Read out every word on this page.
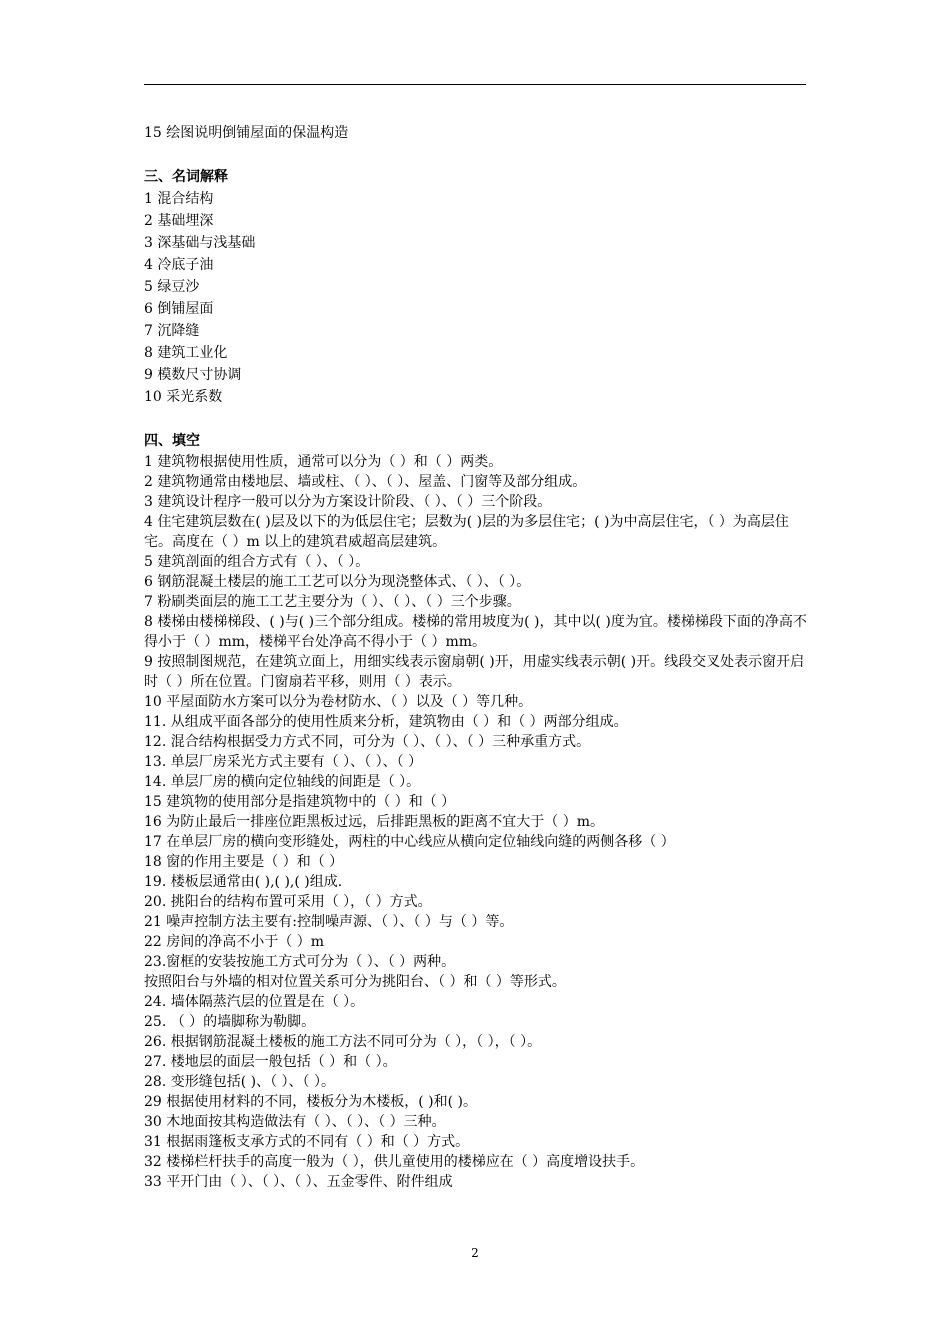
15 绘图说明倒铺屋面的保温构造
三、名词解释
1 混合结构
2 基础埋深
3 深基础与浅基础
4 冷底子油
5 绿豆沙
6 倒铺屋面
7 沉降缝
8 建筑工业化
9 模数尺寸协调
10 采光系数
四、填空
1 建筑物根据使用性质，通常可以分为（ ）和（ ）两类。
2 建筑物通常由楼地层、墙或柱、（ ）、（ ）、屋盖、门窗等及部分组成。
3 建筑设计程序一般可以分为方案设计阶段、（ ）、（ ）三个阶段。
4 住宅建筑层数在( )层及以下的为低层住宅；层数为( )层的为多层住宅；( )为中高层住宅，（ ）为高层住宅。高度在（ ）m 以上的建筑君威超高层建筑。
5 建筑剖面的组合方式有（ ）、（ ）。
6 钢筋混凝土楼层的施工工艺可以分为现浇整体式、（ ）、（ ）。
7 粉刷类面层的施工工艺主要分为（ ）、（ ）、（ ）三个步骤。
8 楼梯由楼梯梯段、( )与( )三个部分组成。楼梯的常用坡度为( )，其中以( )度为宜。楼梯梯段下面的净高不得小于（ ）mm，楼梯平台处净高不得小于（ ）mm。
9 按照制图规范，在建筑立面上，用细实线表示窗扇朝( )开，用虚实线表示朝( )开。线段交叉处表示窗开启时（ ）所在位置。门窗扇若平移，则用（ ）表示。
10 平屋面防水方案可以分为卷材防水、（ ）以及（ ）等几种。
11. 从组成平面各部分的使用性质来分析，建筑物由（ ）和（ ）两部分组成。
12. 混合结构根据受力方式不同，可分为（ ）、（ ）、（ ）三种承重方式。
13. 单层厂房采光方式主要有（ ）、（ ）、（ ）
14. 单层厂房的横向定位轴线的间距是（ ）。
15 建筑物的使用部分是指建筑物中的（ ）和（ ）
16 为防止最后一排座位距黑板过远，后排距黑板的距离不宜大于（ ）m。
17 在单层厂房的横向变形缝处，两柱的中心线应从横向定位轴线向缝的两侧各移（ ）
18 窗的作用主要是（ ）和（ ）
19. 楼板层通常由( ),( ),( )组成.
20. 挑阳台的结构布置可采用（ ），（ ）方式。
21 噪声控制方法主要有:控制噪声源、（ ）、（ ）与（ ）等。
22 房间的净高不小于（ ）m
23.窗框的安装按施工方式可分为（ ）、（ ）两种。
按照阳台与外墙的相对位置关系可分为挑阳台、（ ）和（ ）等形式。
24. 墙体隔蒸汽层的位置是在（ ）。
25. （ ）的墙脚称为勒脚。
26. 根据钢筋混凝土楼板的施工方法不同可分为（ ），（ ），（ ）。
27. 楼地层的面层一般包括（ ）和（ ）。
28. 变形缝包括( )、（ ）、（ ）。
29 根据使用材料的不同，楼板分为木楼板，( )和( )。
30 木地面按其构造做法有（ ）、（ ）、（ ）三种。
31 根据雨篷板支承方式的不同有（ ）和（ ）方式。
32 楼梯栏杆扶手的高度一般为（ ），供儿童使用的楼梯应在（ ）高度增设扶手。
33 平开门由（ ）、（ ）、（ ）、五金零件、附件组成
2
